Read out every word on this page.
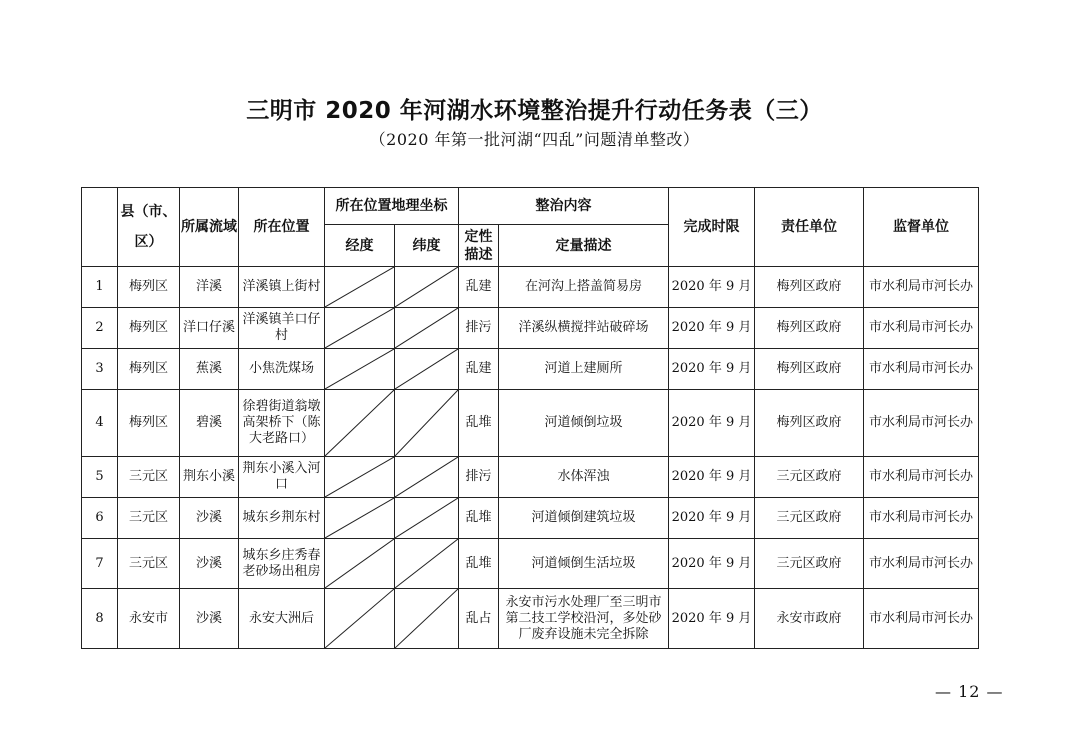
三明市 2020 年河湖水环境整治提升行动任务表（三）
（2020 年第一批河湖“四乱”问题清单整改）
	县（市、区）	所属流域	所在位置	所在位置地理坐标		整治内容		完成时限	责任单位	监督单位
				经度	纬度	定性描述	定量描述			
1	梅列区	洋溪	洋溪镇上街村			乱建	在河沟上搭盖简易房	2020 年 9 月	梅列区政府	市水利局市河长办
2	梅列区	洋口仔溪	洋溪镇羊口仔村			排污	洋溪纵横搅拌站破碎场	2020 年 9 月	梅列区政府	市水利局市河长办
3	梅列区	蕉溪	小焦洗煤场			乱建	河道上建厕所	2020 年 9 月	梅列区政府	市水利局市河长办
4	梅列区	碧溪	徐碧街道翁墩高架桥下（陈大老路口）			乱堆	河道倾倒垃圾	2020 年 9 月	梅列区政府	市水利局市河长办
5	三元区	荆东小溪	荆东小溪入河口			排污	水体浑浊	2020 年 9 月	三元区政府	市水利局市河长办
6	三元区	沙溪	城东乡荆东村			乱堆	河道倾倒建筑垃圾	2020 年 9 月	三元区政府	市水利局市河长办
7	三元区	沙溪	城东乡庄秀春老砂场出租房			乱堆	河道倾倒生活垃圾	2020 年 9 月	三元区政府	市水利局市河长办
8	永安市	沙溪	永安大洲后			乱占	永安市污水处理厂至三明市第二技工学校沿河，多处砂厂废弃设施未完全拆除	2020 年 9 月	永安市政府	市水利局市河长办
— 12 —
